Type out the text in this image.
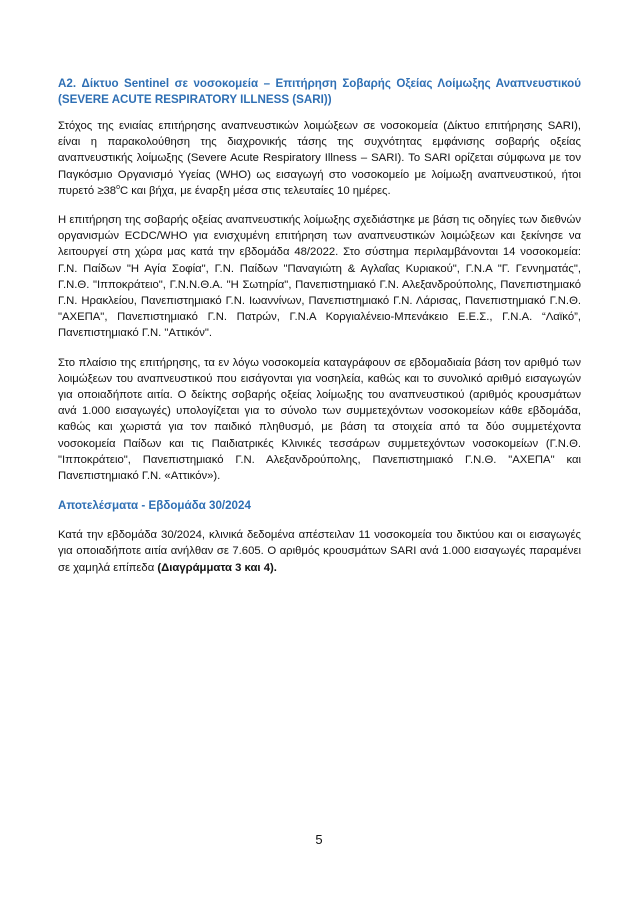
A2. Δίκτυο Sentinel σε νοσοκομεία – Επιτήρηση Σοβαρής Οξείας Λοίμωξης Αναπνευστικού
(SEVERE ACUTE RESPIRATORY ILLNESS (SARI))

Στόχος της ενιαίας επιτήρησης αναπνευστικών λοιμώξεων σε νοσοκομεία (Δίκτυο επιτήρησης SARI), είναι η παρακολούθηση της διαχρονικής τάσης της συχνότητας εμφάνισης σοβαρής οξείας αναπνευστικής λοίμωξης (Severe Acute Respiratory Illness – SARI). Το SARI ορίζεται σύμφωνα με τον Παγκόσμιο Οργανισμό Υγείας (WHO) ως εισαγωγή στο νοσοκομείο με λοίμωξη αναπνευστικού, ήτοι $\pi\upsilon\rho\varepsilon\tau ό \ge 38^oC$ και βήχα, με έναρξη μέσα στις τελευταίες 10 ημέρες.

Η επιτήρηση της σοβαρής οξείας αναπνευστικής λοίμωξης σχεδιάστηκε με βάση τις οδηγίες των διεθνών οργανισμών ECDC/WHO για ενισχυμένη επιτήρηση των αναπνευστικών λοιμώξεων και ξεκίνησε να λειτουργεί στη χώρα μας κατά την εβδομάδα 48/2022. Στο σύστημα περιλαμβάνονται 14 νοσοκομεία: Γ.Ν. Παίδων "Η Αγία Σοφία", Γ.Ν. Παίδων "Παναγιώτη & Αγλαΐας Κυριακού", Γ.Ν.Α "Γ. Γεννηματάς", Γ.Ν.Θ. "Ιπποκράτειο", Γ.Ν.Ν.Θ.Α. "Η Σωτηρία", Πανεπιστημιακό Γ.Ν. Αλεξανδρούπολης, Πανεπιστημιακό Γ.Ν. Ηρακλείου, Πανεπιστημιακό Γ.Ν. Ιωαννίνων, Πανεπιστημιακό Γ.Ν. Λάρισας, Πανεπιστημιακό Γ.Ν.Θ. "ΑΧΕΠΑ", Πανεπιστημιακό Γ.Ν. Πατρών, Γ.Ν.Α Κοργιαλένειο-Μπενάκειο Ε.Ε.Σ., Γ.Ν.Α. “Λαϊκό”, Πανεπιστημιακό Γ.Ν. "Αττικόν".

Στο πλαίσιο της επιτήρησης, τα εν λόγω νοσοκομεία καταγράφουν σε εβδομαδιαία βάση τον αριθμό των λοιμώξεων του αναπνευστικού που εισάγονται για νοσηλεία, καθώς και το συνολικό αριθμό εισαγωγών για οποιαδήποτε αιτία. Ο δείκτης σοβαρής οξείας λοίμωξης του αναπνευστικού (αριθμός κρουσμάτων ανά 1.000 εισαγωγές) υπολογίζεται για το σύνολο των συμμετεχόντων νοσοκομείων κάθε εβδομάδα, καθώς και χωριστά για τον παιδικό πληθυσμό, με βάση τα στοιχεία από τα δύο συμμετέχοντα νοσοκομεία Παίδων και τις Παιδιατρικές Κλινικές τεσσάρων συμμετεχόντων νοσοκομείων (Γ.Ν.Θ. "Ιπποκράτειο", Πανεπιστημιακό Γ.Ν. Αλεξανδρούπολης, Πανεπιστημιακό Γ.Ν.Θ. "ΑΧΕΠΑ" και Πανεπιστημιακό Γ.Ν. «Αττικόν»).

Αποτελέσματα - Εβδομάδα 30/2024

Κατά την εβδομάδα 30/2024, κλινικά δεδομένα απέστειλαν 11 νοσοκομεία του δικτύου και οι εισαγωγές για οποιαδήποτε αιτία ανήλθαν σε 7.605. Ο αριθμός κρουσμάτων SARI ανά 1.000 εισαγωγές παραμένει σε χαμηλά επίπεδα (Διαγράμματα 3 και 4).

5
